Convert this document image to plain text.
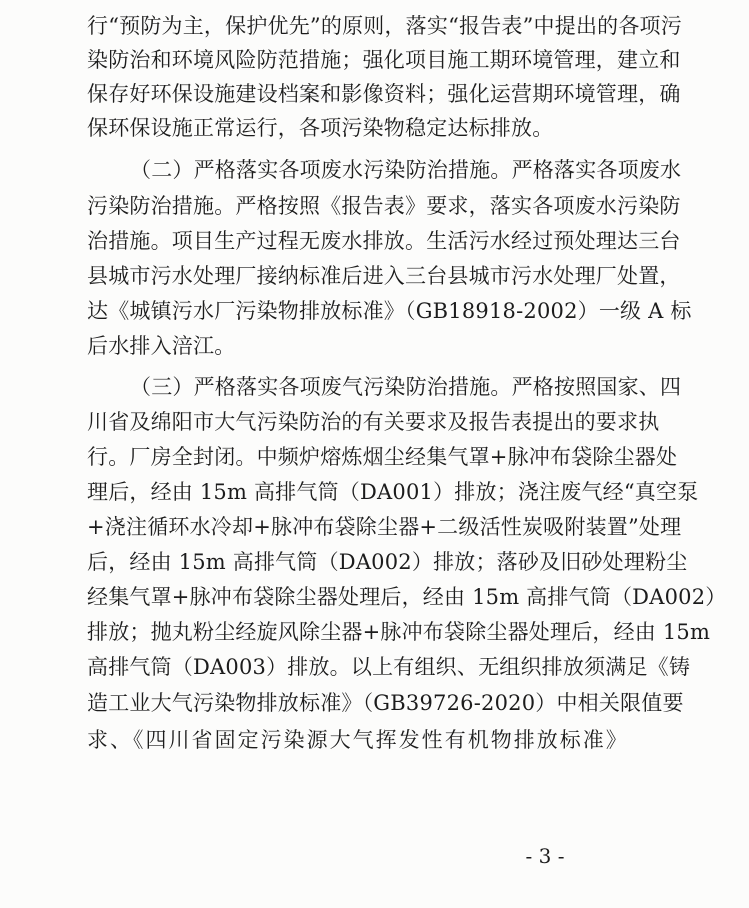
行“预防为主，保护优先”的原则，落实“报告表”中提出的各项污
染防治和环境风险防范措施；强化项目施工期环境管理，建立和
保存好环保设施建设档案和影像资料；强化运营期环境管理，确
保环保设施正常运行，各项污染物稳定达标排放。
（二）严格落实各项废水污染防治措施。严格落实各项废水
污染防治措施。严格按照《报告表》要求，落实各项废水污染防
治措施。项目生产过程无废水排放。生活污水经过预处理达三台
县城市污水处理厂接纳标准后进入三台县城市污水处理厂处置，
达《城镇污水厂污染物排放标准》（GB18918-2002）一级 A 标
后水排入涪江。
（三）严格落实各项废气污染防治措施。严格按照国家、四
川省及绵阳市大气污染防治的有关要求及报告表提出的要求执
行。厂房全封闭。中频炉熔炼烟尘经集气罩+脉冲布袋除尘器处
理后，经由 15m 高排气筒（DA001）排放；浇注废气经“真空泵
+浇注循环水冷却+脉冲布袋除尘器+二级活性炭吸附装置”处理
后，经由 15m 高排气筒（DA002）排放；落砂及旧砂处理粉尘
经集气罩+脉冲布袋除尘器处理后，经由 15m 高排气筒（DA002）
排放；抛丸粉尘经旋风除尘器+脉冲布袋除尘器处理后，经由 15m
高排气筒（DA003）排放。以上有组织、无组织排放须满足《铸
造工业大气污染物排放标准》（GB39726-2020）中相关限值要
求、《四川省固定污染源大气挥发性有机物排放标准》
- 3 -
